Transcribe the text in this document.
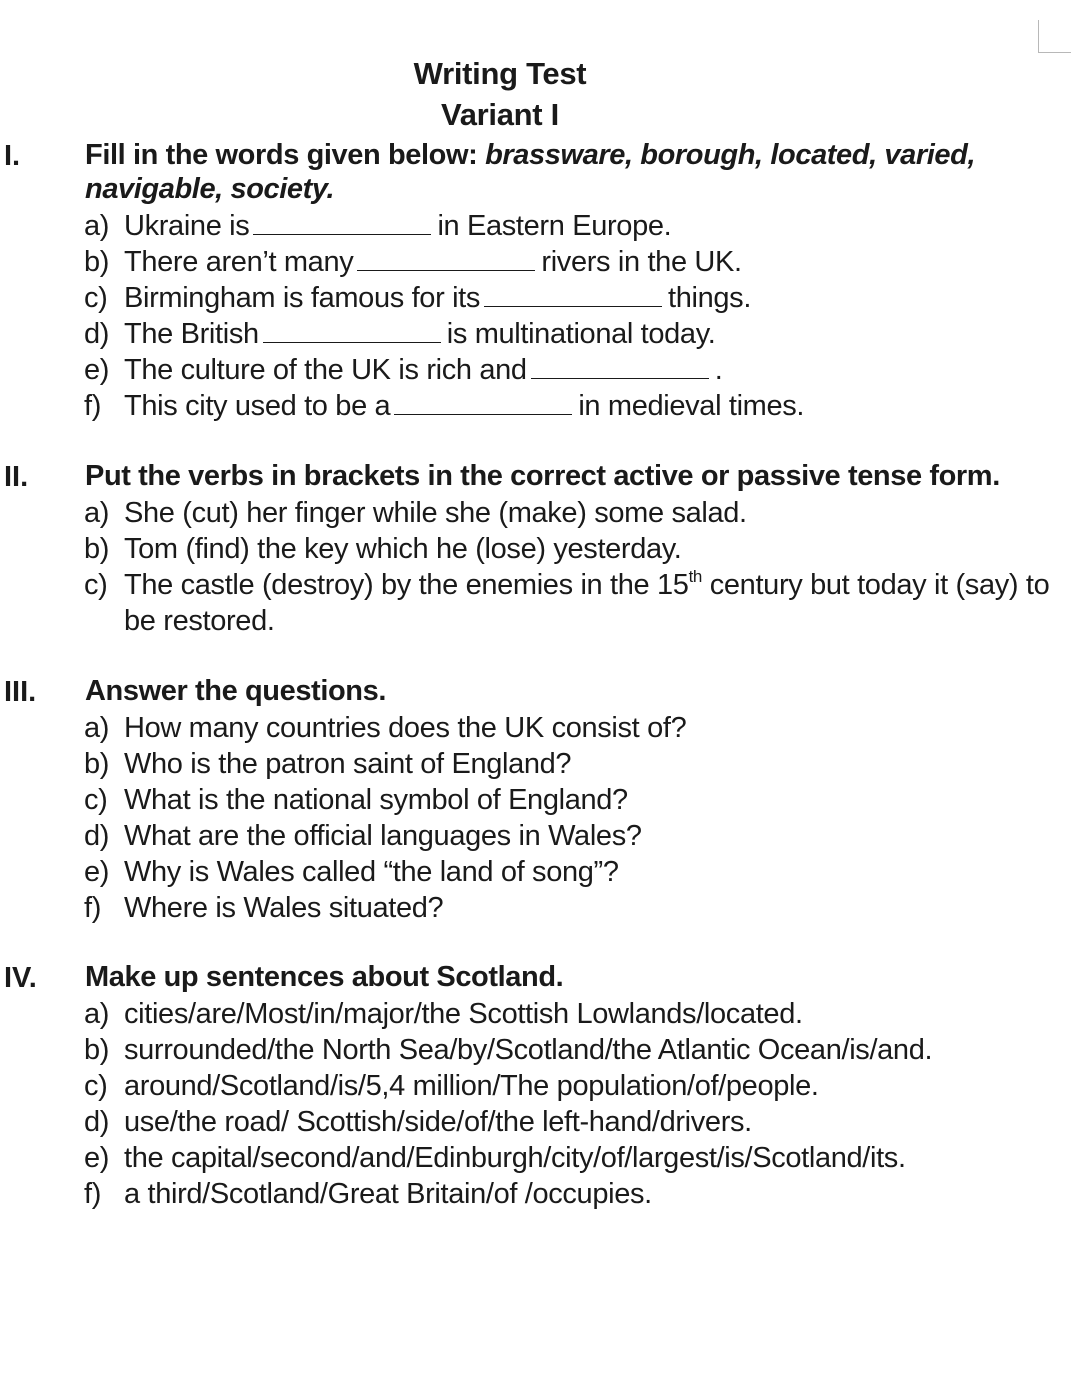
Writing Test
Variant I
I. Fill in the words given below: brassware, borough, located, varied, navigable, society.
a) Ukraine is	in Eastern Europe.
b) There aren’t many	rivers in the UK.
c) Birmingham is famous for its	things.
d) The British	is multinational today.
e) The culture of the UK is rich and	.
f) This city used to be a	in medieval times.
II. Put the verbs in brackets in the correct active or passive tense form.
a) She (cut) her finger while she (make) some salad.
b) Tom (find) the key which he (lose) yesterday.
c) The castle (destroy) by the enemies in the 15th century but today it (say) to be restored.
III. Answer the questions.
a) How many countries does the UK consist of?
b) Who is the patron saint of England?
c) What is the national symbol of England?
d) What are the official languages in Wales?
e) Why is Wales called “the land of song”?
f) Where is Wales situated?
IV. Make up sentences about Scotland.
a) cities/are/Most/in/major/the Scottish Lowlands/located.
b) surrounded/the North Sea/by/Scotland/the Atlantic Ocean/is/and.
c) around/Scotland/is/5,4 million/The population/of/people.
d) use/the road/ Scottish/side/of/the left-hand/drivers.
e) the capital/second/and/Edinburgh/city/of/largest/is/Scotland/its.
f) a third/Scotland/Great Britain/of /occupies.
